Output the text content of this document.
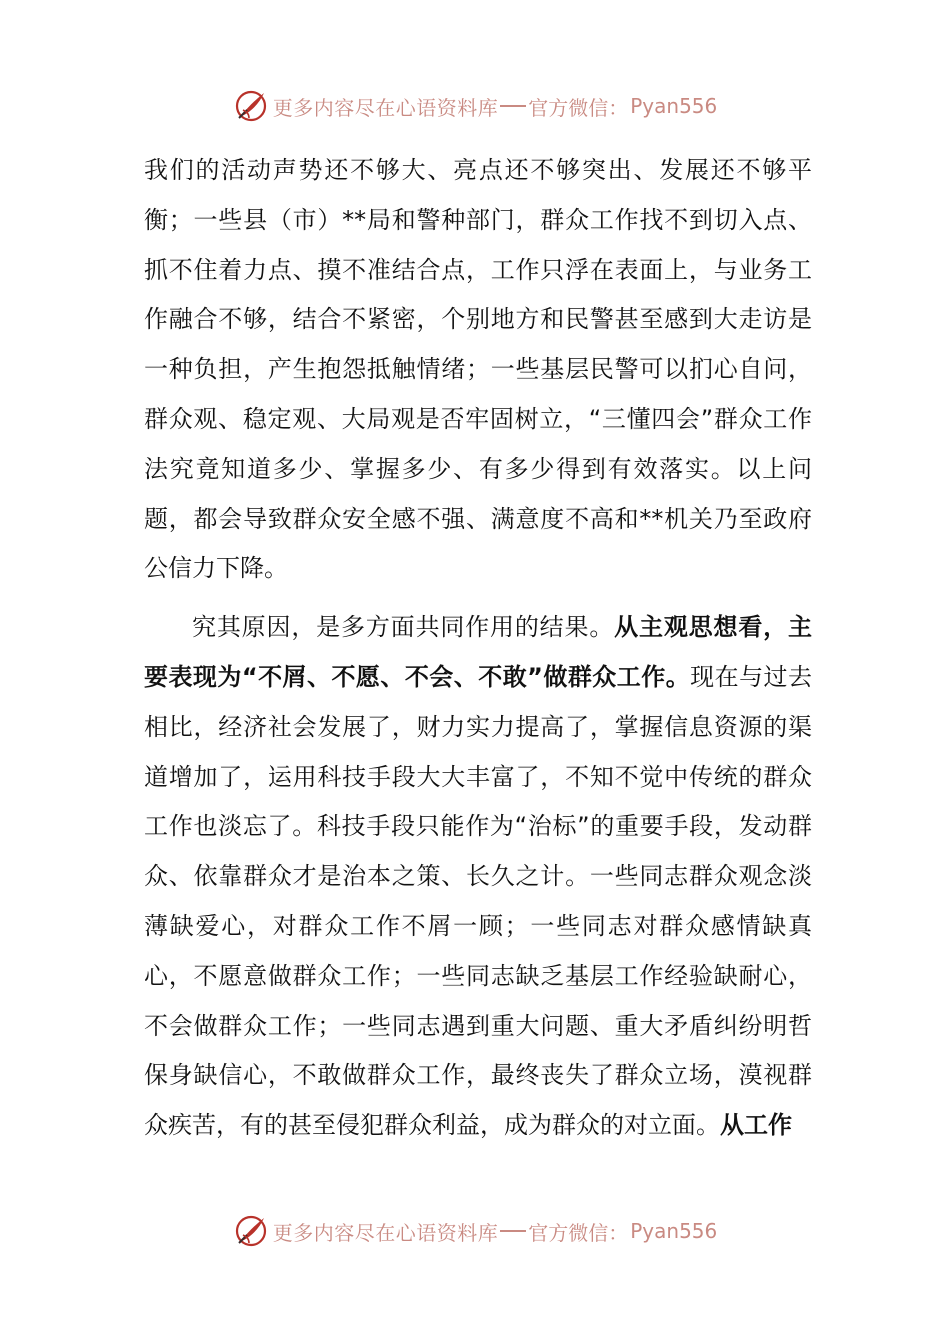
更多内容尽在心语资料库 官方微信： Pyan556

我们的活动声势还不够大、亮点还不够突出、发展还不够平衡；一些县（市）**局和警种部门，群众工作找不到切入点、抓不住着力点、摸不准结合点，工作只浮在表面上，与业务工作融合不够，结合不紧密，个别地方和民警甚至感到大走访是一种负担，产生抱怨抵触情绪；一些基层民警可以扪心自问，群众观、稳定观、大局观是否牢固树立，“三懂四会”群众工作法究竟知道多少、掌握多少、有多少得到有效落实。以上问题，都会导致群众安全感不强、满意度不高和**机关乃至政府公信力下降。

究其原因，是多方面共同作用的结果。从主观思想看，主要表现为“不屑、不愿、不会、不敢”做群众工作。现在与过去相比，经济社会发展了，财力实力提高了，掌握信息资源的渠道增加了，运用科技手段大大丰富了，不知不觉中传统的群众工作也淡忘了。科技手段只能作为“治标”的重要手段，发动群众、依靠群众才是治本之策、长久之计。一些同志群众观念淡薄缺爱心，对群众工作不屑一顾；一些同志对群众感情缺真心，不愿意做群众工作；一些同志缺乏基层工作经验缺耐心，不会做群众工作；一些同志遇到重大问题、重大矛盾纠纷明哲保身缺信心，不敢做群众工作，最终丧失了群众立场，漠视群众疾苦，有的甚至侵犯群众利益，成为群众的对立面。从工作

更多内容尽在心语资料库 官方微信： Pyan556
